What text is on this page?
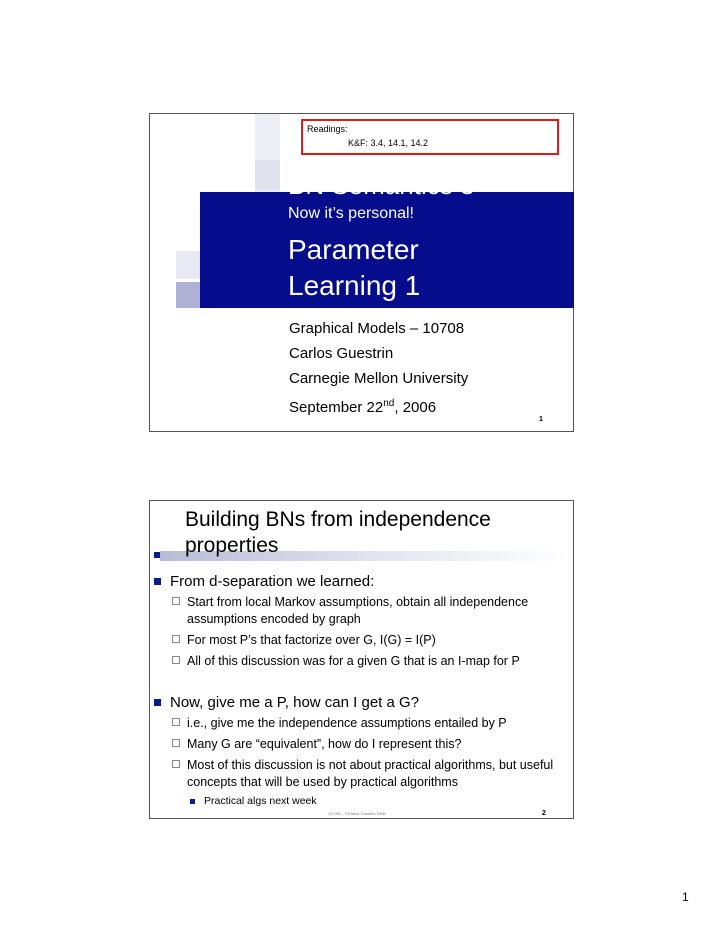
BN Semantics 3
Now it’s personal!
Parameter Learning 1
Readings:
K&F: 3.4, 14.1, 14.2
Graphical Models – 10708
Carlos Guestrin
Carnegie Mellon University
September 22nd, 2006
1
Building BNs from independence properties
From d-separation we learned:
Start from local Markov assumptions, obtain all independence assumptions encoded by graph
For most P’s that factorize over G, I(G) = I(P)
All of this discussion was for a given G that is an I-map for P
Now, give me a P, how can I get a G?
i.e., give me the independence assumptions entailed by P
Many G are “equivalent”, how do I represent this?
Most of this discussion is not about practical algorithms, but useful concepts that will be used by practical algorithms
Practical algs next week
10-708 – ©Carlos Guestrin 2006	2
1
